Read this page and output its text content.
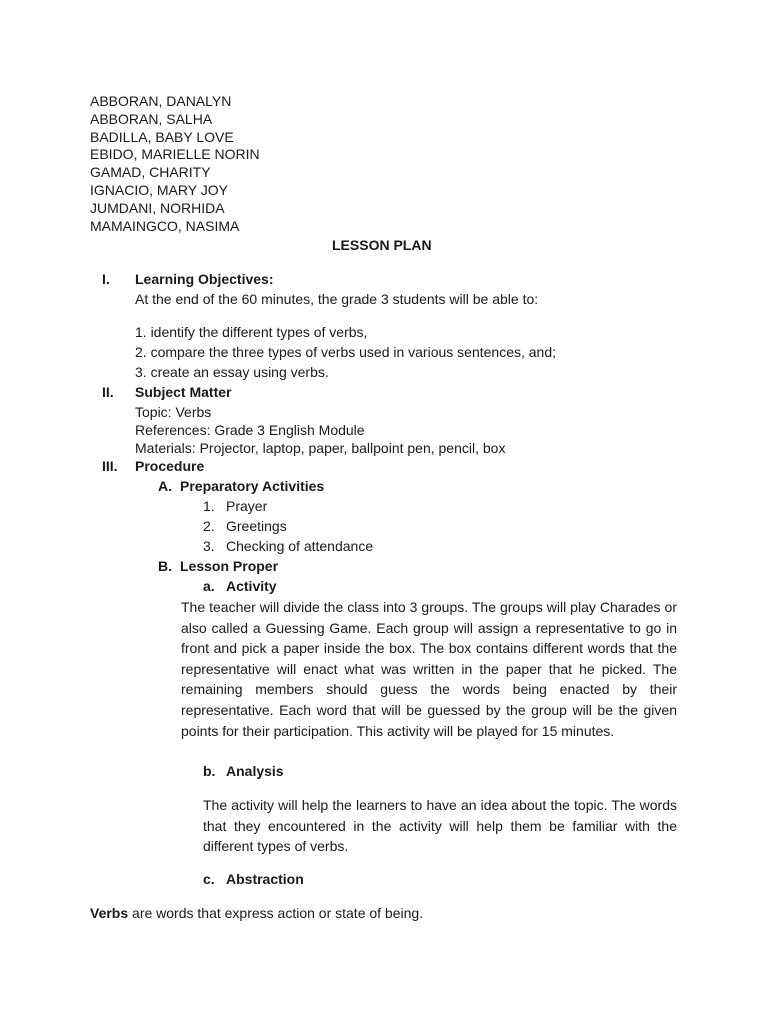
ABBORAN, DANALYN
ABBORAN, SALHA
BADILLA, BABY LOVE
EBIDO, MARIELLE NORIN
GAMAD, CHARITY
IGNACIO, MARY JOY
JUMDANI, NORHIDA
MAMAINGCO, NASIMA
LESSON PLAN
I. Learning Objectives:
At the end of the 60 minutes, the grade 3 students will be able to:
1. identify the different types of verbs,
2. compare the three types of verbs used in various sentences, and;
3. create an essay using verbs.
II. Subject Matter
Topic: Verbs
References: Grade 3 English Module
Materials: Projector, laptop, paper, ballpoint pen, pencil, box
III. Procedure
A. Preparatory Activities
1. Prayer
2. Greetings
3. Checking of attendance
B. Lesson Proper
a. Activity
The teacher will divide the class into 3 groups. The groups will play Charades or also called a Guessing Game. Each group will assign a representative to go in front and pick a paper inside the box. The box contains different words that the representative will enact what was written in the paper that he picked. The remaining members should guess the words being enacted by their representative. Each word that will be guessed by the group will be the given points for their participation. This activity will be played for 15 minutes.
b. Analysis
The activity will help the learners to have an idea about the topic. The words that they encountered in the activity will help them be familiar with the different types of verbs.
c. Abstraction
Verbs are words that express action or state of being.
